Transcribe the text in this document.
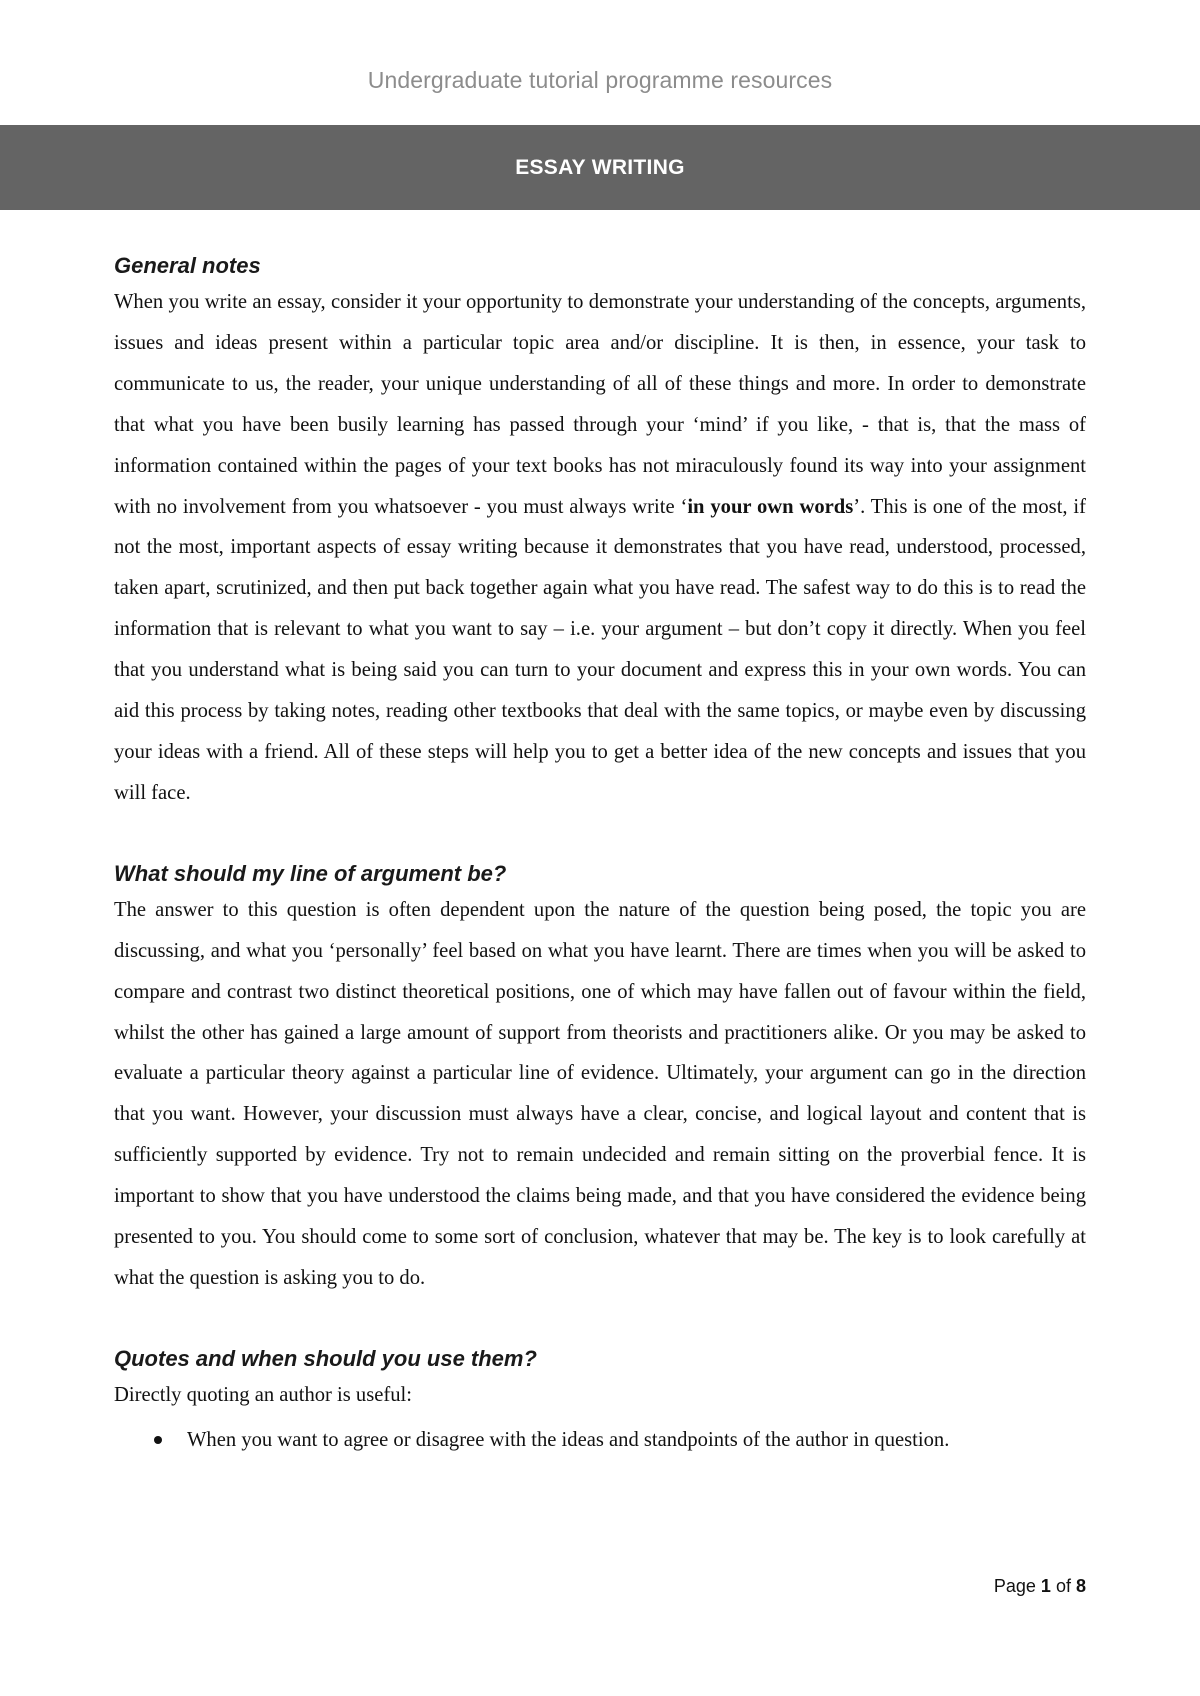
Undergraduate tutorial programme resources
ESSAY WRITING
General notes

When you write an essay, consider it your opportunity to demonstrate your understanding of the concepts, arguments, issues and ideas present within a particular topic area and/or discipline. It is then, in essence, your task to communicate to us, the reader, your unique understanding of all of these things and more. In order to demonstrate that what you have been busily learning has passed through your ‘mind’ if you like, - that is, that the mass of information contained within the pages of your text books has not miraculously found its way into your assignment with no involvement from you whatsoever - you must always write ‘in your own words’. This is one of the most, if not the most, important aspects of essay writing because it demonstrates that you have read, understood, processed, taken apart, scrutinized, and then put back together again what you have read. The safest way to do this is to read the information that is relevant to what you want to say – i.e. your argument – but don’t copy it directly. When you feel that you understand what is being said you can turn to your document and express this in your own words. You can aid this process by taking notes, reading other textbooks that deal with the same topics, or maybe even by discussing your ideas with a friend. All of these steps will help you to get a better idea of the new concepts and issues that you will face.

What should my line of argument be?

The answer to this question is often dependent upon the nature of the question being posed, the topic you are discussing, and what you ‘personally’ feel based on what you have learnt. There are times when you will be asked to compare and contrast two distinct theoretical positions, one of which may have fallen out of favour within the field, whilst the other has gained a large amount of support from theorists and practitioners alike. Or you may be asked to evaluate a particular theory against a particular line of evidence. Ultimately, your argument can go in the direction that you want. However, your discussion must always have a clear, concise, and logical layout and content that is sufficiently supported by evidence. Try not to remain undecided and remain sitting on the proverbial fence. It is important to show that you have understood the claims being made, and that you have considered the evidence being presented to you. You should come to some sort of conclusion, whatever that may be. The key is to look carefully at what the question is asking you to do.

Quotes and when should you use them?

Directly quoting an author is useful:

When you want to agree or disagree with the ideas and standpoints of the author in question.
Page 1 of 8
